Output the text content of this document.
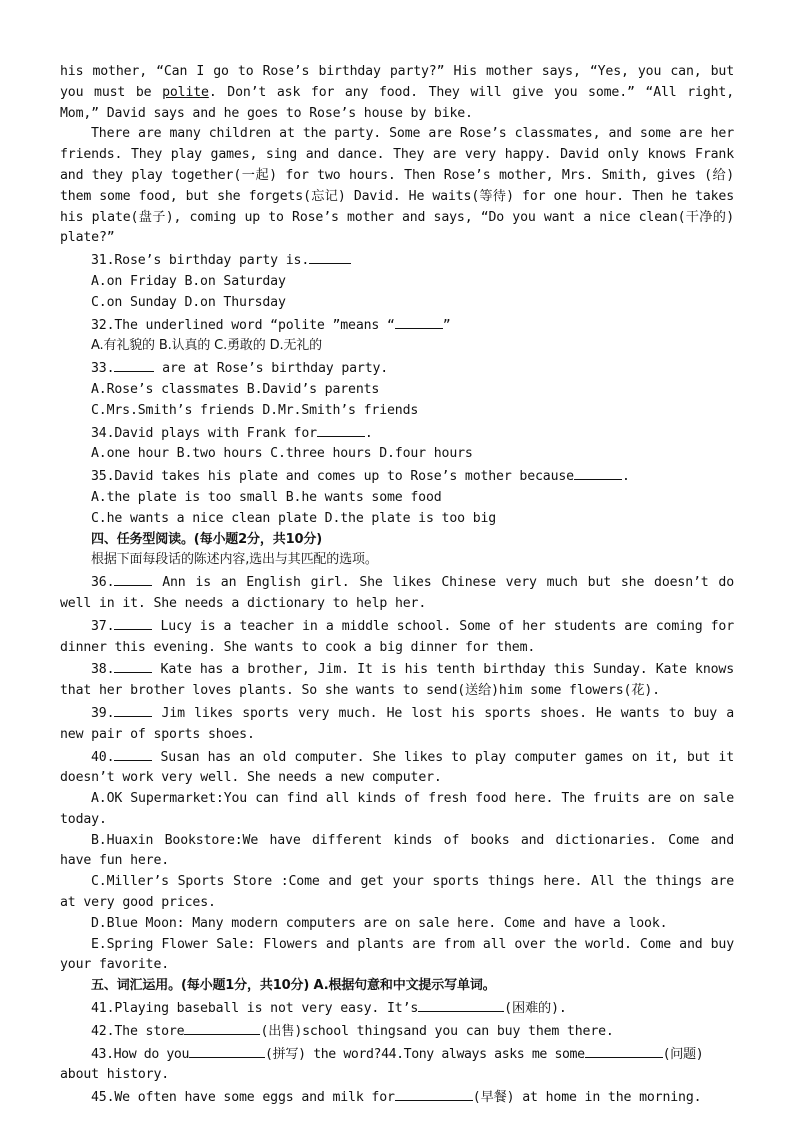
his mother, “Can I go to Rose’s birthday party?” His mother says, “Yes, you can, but you must be polite. Don’t ask for any food. They will give you some.” “All right, Mom,” David says and he goes to Rose’s house by bike.

There are many children at the party. Some are Rose’s classmates, and some are her friends. They play games, sing and dance. They are very happy. David only knows Frank and they play together(一起) for two hours. Then Rose’s mother, Mrs. Smith, gives (给) them some food, but she forgets(忘记) David. He waits(等待) for one hour. Then he takes his plate(盘子), coming up to Rose’s mother and says, “Do you want a nice clean(干净的) plate?”

31.Rose’s birthday party is.

A.on Friday B.on Saturday

C.on Sunday D.on Thursday

32.The underlined word “polite ”means “	”

A.有礼貌的 B.认真的 C.勇敢的 D.无礼的

33.	are at Rose’s birthday party.

A.Rose’s classmates B.David’s parents

C.Mrs.Smith’s friends D.Mr.Smith’s friends

34.David plays with Frank for	.

A.one hour B.two hours C.three hours D.four hours

35.David takes his plate and comes up to Rose’s mother because	.

A.the plate is too small B.he wants some food

C.he wants a nice clean plate D.the plate is too big

四、任务型阅读。(每小题2分，共10分)

根据下面每段话的陈述内容,选出与其匹配的选项。

36.	Ann is an English girl. She likes Chinese very much but she doesn’t do well in it. She needs a dictionary to help her.

37.	Lucy is a teacher in a middle school. Some of her students are coming for dinner this evening. She wants to cook a big dinner for them.

38.	Kate has a brother, Jim. It is his tenth birthday this Sunday. Kate knows that her brother loves plants. So she wants to send(送给)him some flowers(花).

39.	Jim likes sports very much. He lost his sports shoes. He wants to buy a new pair of sports shoes.

40.	Susan has an old computer. She likes to play computer games on it, but it doesn’t work very well. She needs a new computer.

A.OK Supermarket:You can find all kinds of fresh food here. The fruits are on sale today.

B.Huaxin Bookstore:We have different kinds of books and dictionaries. Come and have fun here.

C.Miller’s Sports Store :Come and get your sports things here. All the things are at very good prices.

D.Blue Moon: Many modern computers are on sale here. Come and have a look.

E.Spring Flower Sale: Flowers and plants are from all over the world. Come and buy your favorite.

五、词汇运用。(每小题1分，共10分) A.根据句意和中文提示写单词。

41.Playing baseball is not very easy. It’s	(困难的).

42.The store	(出售)school thingsand you can buy them there.

43.How do you	(拼写) the word?44.Tony always asks me some	(问题)

about history.

45.We often have some eggs and milk for	(早餐) at home in the morning.
